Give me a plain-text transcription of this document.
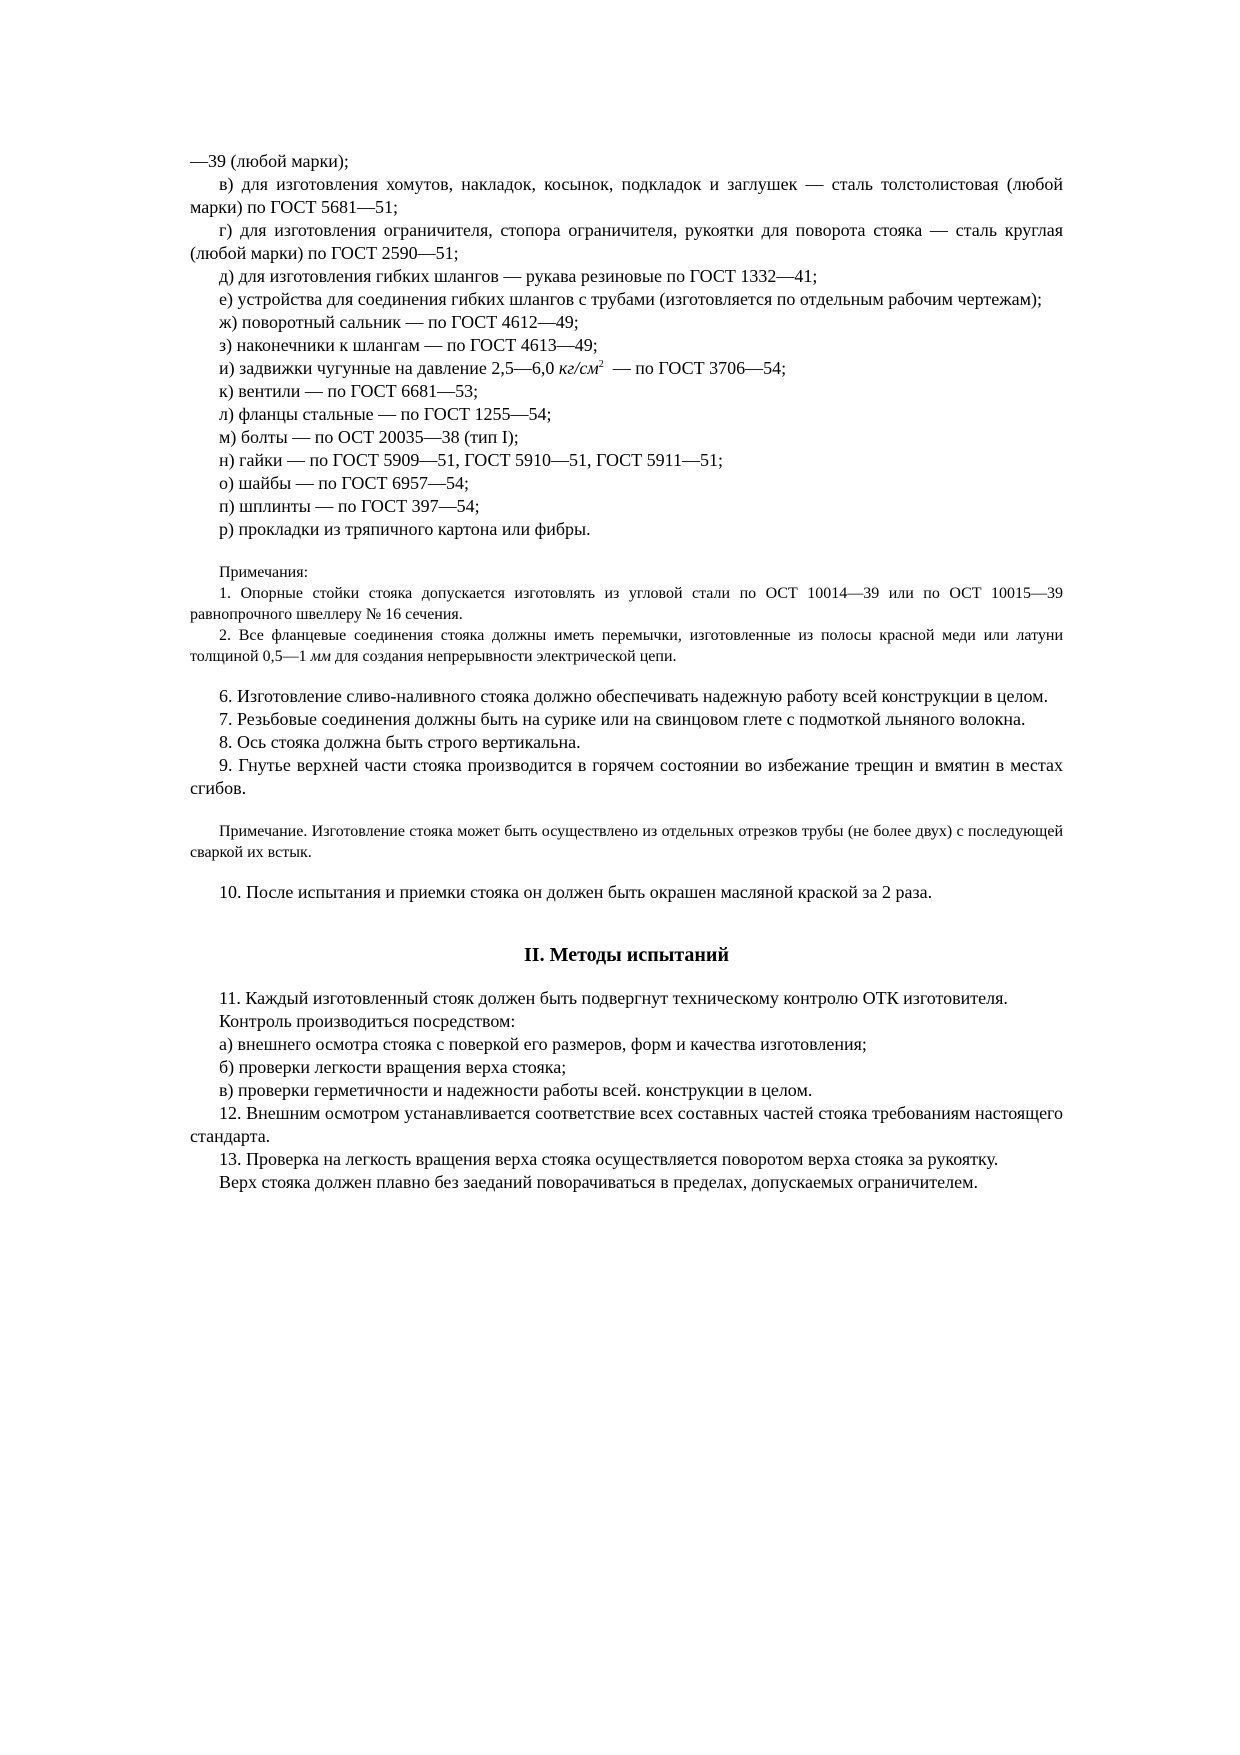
—39 (любой марки);

в) для изготовления хомутов, накладок, косынок, подкладок и заглушек — сталь толстолистовая (любой марки) по ГОСТ 5681—51;

г) для изготовления ограничителя, стопора ограничителя, рукоятки для поворота стояка — сталь круглая (любой марки) по ГОСТ 2590—51;

д) для изготовления гибких шлангов — рукава резиновые по ГОСТ 1332—41;

е) устройства для соединения гибких шлангов с трубами (изготовляется по отдельным рабочим чертежам);

ж) поворотный сальник — по ГОСТ 4612—49;

з) наконечники к шлангам — по ГОСТ 4613—49;

и) задвижки чугунные на давление 2,5—6,0 $кг/см^2$  — по ГОСТ 3706—54;

к) вентили — по ГОСТ 6681—53;

л) фланцы стальные — по ГОСТ 1255—54;

м) болты — по ОСТ 20035—38 (тип I);

н) гайки — по ГОСТ 5909—51, ГОСТ 5910—51, ГОСТ 5911—51;

о) шайбы — по ГОСТ 6957—54;

п) шплинты — по ГОСТ 397—54;

р) прокладки из тряпичного картона или фибры.

Примечания:

1. Опорные стойки стояка допускается изготовлять из угловой стали по ОСТ 10014—39 или по ОСТ 10015—39 равнопрочного швеллеру № 16 сечения.

2. Все фланцевые соединения стояка должны иметь перемычки, изготовленные из полосы красной меди или латуни толщиной 0,5—1 мм для создания непрерывности электрической цепи.

6. Изготовление сливо-наливного стояка должно обеспечивать надежную работу всей конструкции в целом.

7. Резьбовые соединения должны быть на сурике или на свинцовом глете с подмоткой льняного волокна.

8. Ось стояка должна быть строго вертикальна.

9. Гнутье верхней части стояка производится в горячем состоянии во избежание трещин и вмятин в местах сгибов.

Примечание. Изготовление стояка может быть осуществлено из отдельных отрезков трубы (не более двух) с последующей сваркой их встык.

10. После испытания и приемки стояка он должен быть окрашен масляной краской за 2 раза.

II. Методы испытаний

11. Каждый изготовленный стояк должен быть подвергнут техническому контролю ОТК изготовителя.

Контроль производиться посредством:

а) внешнего осмотра стояка с поверкой его размеров, форм и качества изготовления;

б) проверки легкости вращения верха стояка;

в) проверки герметичности и надежности работы всей. конструкции в целом.

12. Внешним осмотром устанавливается соответствие всех составных частей стояка требованиям настоящего стандарта.

13. Проверка на легкость вращения верха стояка осуществляется поворотом верха стояка за рукоятку.

Верх стояка должен плавно без заеданий поворачиваться в пределах, допускаемых ограничителем.
